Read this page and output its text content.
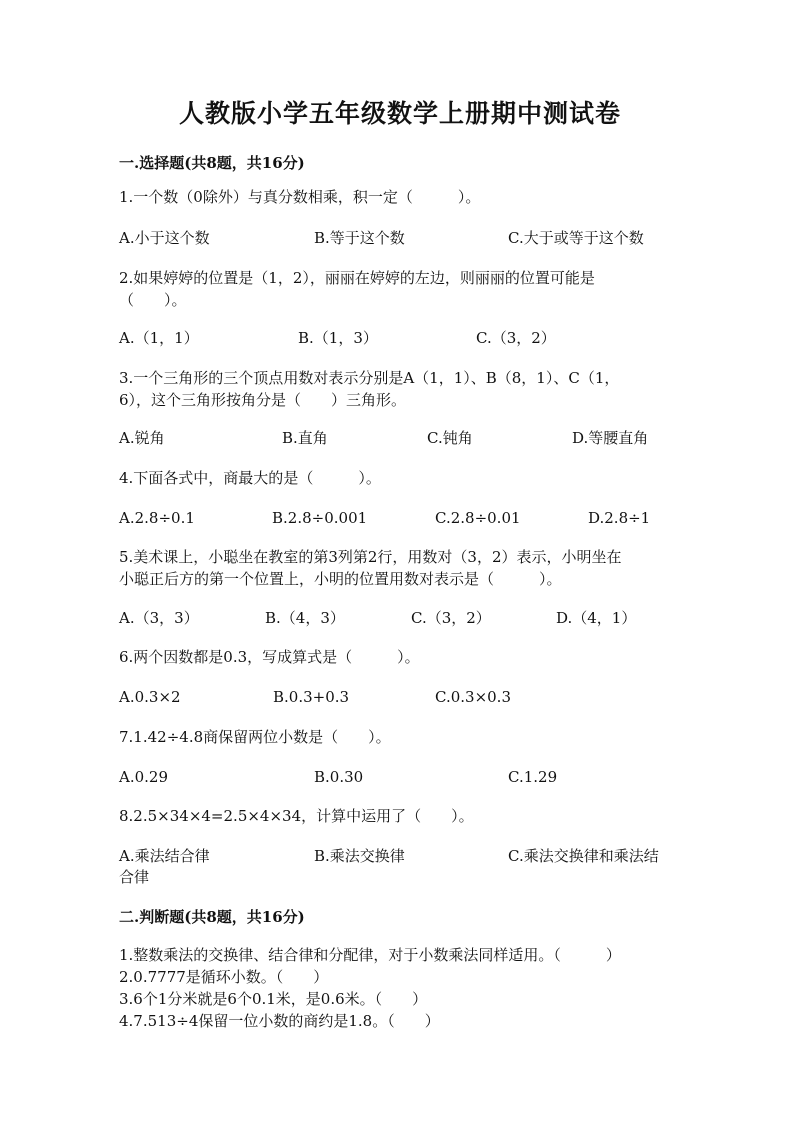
人教版小学五年级数学上册期中测试卷
一.选择题(共8题，共16分)
1.一个数（0除外）与真分数相乘，积一定（　　　）。
A.小于这个数	B.等于这个数	C.大于或等于这个数
2.如果婷婷的位置是（1，2），丽丽在婷婷的左边，则丽丽的位置可能是
（　　）。
A.（1，1）	B.（1，3）	C.（3，2）
3.一个三角形的三个顶点用数对表示分别是A（1，1）、B（8，1）、C（1，
6），这个三角形按角分是（　　）三角形。
A.锐角	B.直角	C.钝角	D.等腰直角
4.下面各式中，商最大的是（　　　）。
A.2.8÷0.1	B.2.8÷0.001	C.2.8÷0.01	D.2.8÷1
5.美术课上，小聪坐在教室的第3列第2行，用数对（3，2）表示，小明坐在
小聪正后方的第一个位置上，小明的位置用数对表示是（　　　）。
A.（3，3）	B.（4，3）	C.（3，2）	D.（4，1）
6.两个因数都是0.3，写成算式是（　　　）。
A.0.3×2	B.0.3+0.3	C.0.3×0.3
7.1.42÷4.8商保留两位小数是（　　）。
A.0.29	B.0.30	C.1.29
8.2.5×34×4=2.5×4×34，计算中运用了（　　）。
A.乘法结合律	B.乘法交换律	C.乘法交换律和乘法结
合律
二.判断题(共8题，共16分)
1.整数乘法的交换律、结合律和分配律，对于小数乘法同样适用。（　　　）
2.0.7777是循环小数。（　　）
3.6个1分米就是6个0.1米，是0.6米。（　　）
4.7.513÷4保留一位小数的商约是1.8。（　　）
